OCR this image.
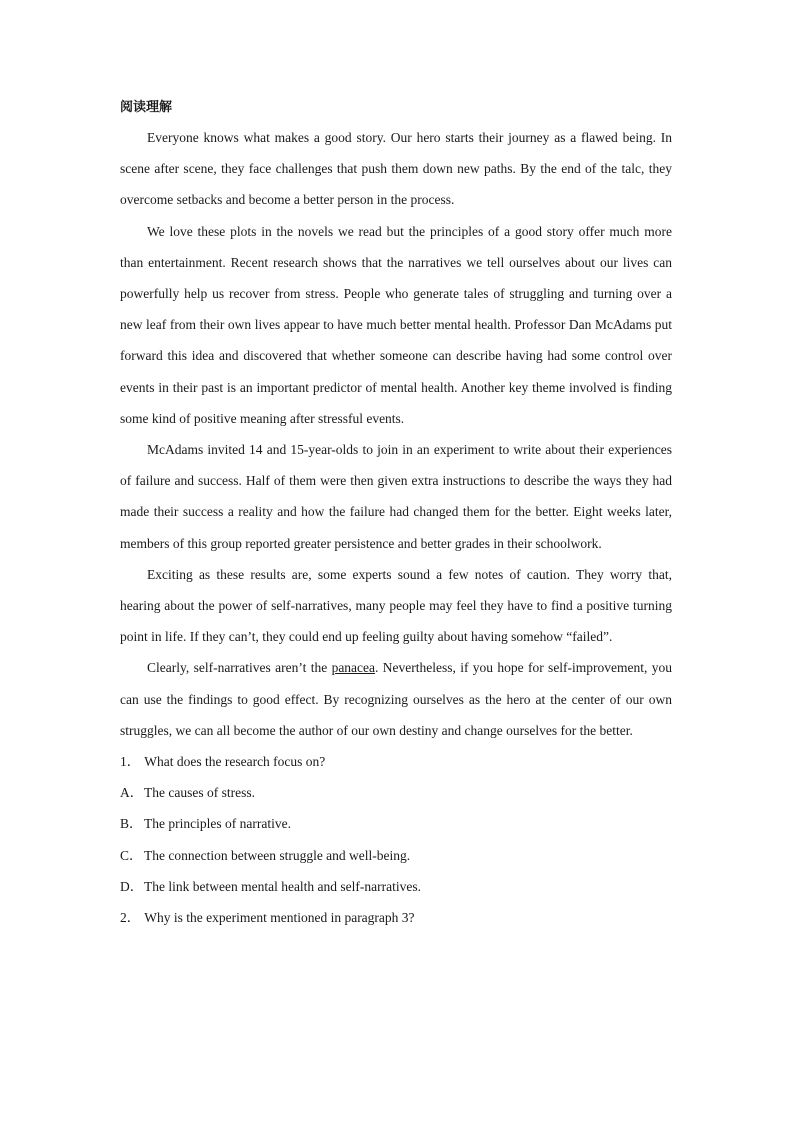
阅读理解

Everyone knows what makes a good story. Our hero starts their journey as a flawed being. In scene after scene, they face challenges that push them down new paths. By the end of the talc, they overcome setbacks and become a better person in the process.

We love these plots in the novels we read but the principles of a good story offer much more than entertainment. Recent research shows that the narratives we tell ourselves about our lives can powerfully help us recover from stress. People who generate tales of struggling and turning over a new leaf from their own lives appear to have much better mental health. Professor Dan McAdams put forward this idea and discovered that whether someone can describe having had some control over events in their past is an important predictor of mental health. Another key theme involved is finding some kind of positive meaning after stressful events.

McAdams invited 14 and 15-year-olds to join in an experiment to write about their experiences of failure and success. Half of them were then given extra instructions to describe the ways they had made their success a reality and how the failure had changed them for the better. Eight weeks later, members of this group reported greater persistence and better grades in their schoolwork.

Exciting as these results are, some experts sound a few notes of caution. They worry that, hearing about the power of self-narratives, many people may feel they have to find a positive turning point in life. If they can’t, they could end up feeling guilty about having somehow “failed”.

Clearly, self-narratives aren’t the panacea. Nevertheless, if you hope for self-improvement, you can use the findings to good effect. By recognizing ourselves as the hero at the center of our own struggles, we can all become the author of our own destiny and change ourselves for the better.

1． What does the research focus on?

A．The causes of stress.

B．The principles of narrative.

C．The connection between struggle and well-being.

D．The link between mental health and self-narratives.

2． Why is the experiment mentioned in paragraph 3?
